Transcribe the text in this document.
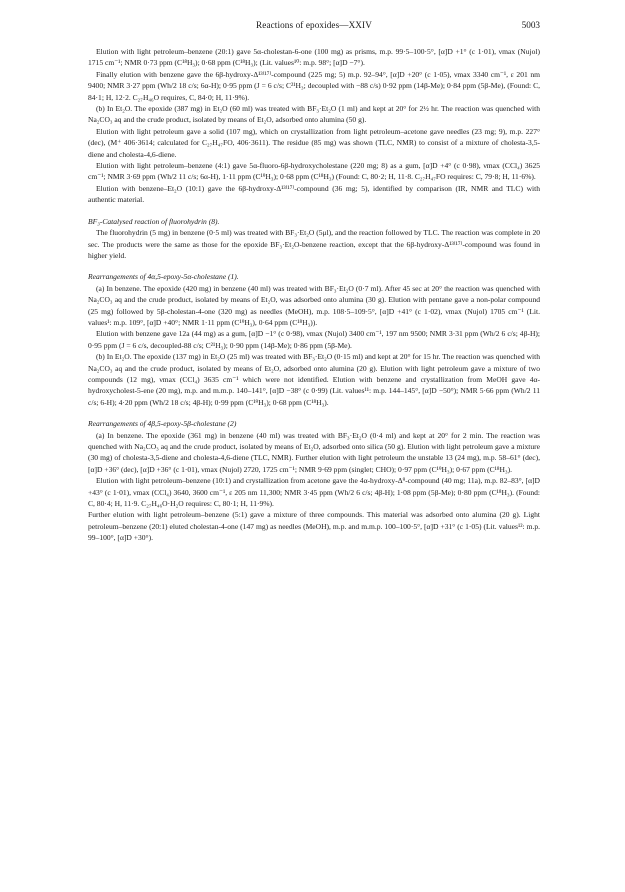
Reactions of epoxides—XXIV	5003

Elution with light petroleum–benzene (20:1) gave 5α-cholestan-6-one (100 mg) as prisms, m.p. 99·5–100·5°, [α]D +1° (c 1·01), νmax (Nujol) 1715 cm⁻¹; NMR 0·73 ppm (C¹⁸H₃); 0·68 ppm (C¹⁸H₃); (Lit. values¹⁰: m.p. 98°; [α]D −7°).

Finally elution with benzene gave the 6β-hydroxy-Δ¹³⁽¹⁷⁾-compound (225 mg; 5) m.p. 92–94°, [α]D +20° (c 1·05), νmax 3340 cm⁻¹, ε 201 nm 9400; NMR 3·27 ppm (Wh/2 18 c/s; 6α-H); 0·95 ppm (J = 6 c/s; C²¹H₃; decoupled with −88 c/s) 0·92 ppm (14β-Me); 0·84 ppm (5β-Me), (Found: C, 84·1; H, 12·2. C₂₇H₄₆O requires, C, 84·0; H, 11·9%).

(b) In Et₂O. The epoxide (387 mg) in Et₂O (60 ml) was treated with BF₃·Et₂O (1 ml) and kept at 20° for 2½ hr. The reaction was quenched with Na₂CO₃ aq and the crude product, isolated by means of Et₂O, adsorbed onto alumina (50 g).

Elution with light petroleum gave a solid (107 mg), which on crystallization from light petroleum–acetone gave needles (23 mg; 9), m.p. 227° (dec), (M⁺ 406·3614; calculated for C₂₇H₄₇FO, 406·3611). The residue (85 mg) was shown (TLC, NMR) to consist of a mixture of cholesta-3,5-diene and cholesta-4,6-diene.

Elution with light petroleum–benzene (4:1) gave 5α-fluoro-6β-hydroxycholestane (220 mg; 8) as a gum, [α]D +4° (c 0·98), νmax (CCl₄) 3625 cm⁻¹; NMR 3·69 ppm (Wh/2 11 c/s; 6α-H), 1·11 ppm (C¹⁹H₃); 0·68 ppm (C¹⁸H₃) (Found: C, 80·2; H, 11·8. C₂₇H₄₇FO requires: C, 79·8; H, 11·6%).

Elution with benzene–Et₂O (10:1) gave the 6β-hydroxy-Δ¹³⁽¹⁷⁾-compound (36 mg; 5), identified by comparison (IR, NMR and TLC) with authentic material.

BF₃-Catalysed reaction of fluorohydrin (8).

The fluorohydrin (5 mg) in benzene (0·5 ml) was treated with BF₃·Et₂O (5μl), and the reaction followed by TLC. The reaction was complete in 20 sec. The products were the same as those for the epoxide BF₃·Et₂O-benzene reaction, except that the 6β-hydroxy-Δ¹³⁽¹⁷⁾-compound was found in higher yield.

Rearrangements of 4α,5-epoxy-5α-cholestane (1).

(a) In benzene. The epoxide (420 mg) in benzene (40 ml) was treated with BF₃·Et₂O (0·7 ml). After 45 sec at 20° the reaction was quenched with Na₂CO₃ aq and the crude product, isolated by means of Et₂O, was adsorbed onto alumina (30 g). Elution with pentane gave a non-polar compound (25 mg) followed by 5β-cholestan-4-one (320 mg) as needles (MeOH), m.p. 108·5–109·5°, [α]D +41° (c 1·02), νmax (Nujol) 1705 cm⁻¹ (Lit. values¹: m.p. 109°, [α]D +40°; NMR 1·11 ppm (C¹⁹H₃), 0·64 ppm (C¹⁸H₃)).

Elution with benzene gave 12a (44 mg) as a gum, [α]D −1° (c 0·98), νmax (Nujol) 3400 cm⁻¹, 197 nm 9500; NMR 3·31 ppm (Wh/2 6 c/s; 4β-H); 0·95 ppm (J = 6 c/s, decoupled-88 c/s; C²¹H₃); 0·90 ppm (14β-Me); 0·86 ppm (5β-Me).

(b) In Et₂O. The epoxide (137 mg) in Et₂O (25 ml) was treated with BF₃·Et₂O (0·15 ml) and kept at 20° for 15 hr. The reaction was quenched with Na₂CO₃ aq and the crude product, isolated by means of Et₂O, adsorbed onto alumina (20 g). Elution with light petroleum gave a mixture of two compounds (12 mg), νmax (CCl₄) 3635 cm⁻¹ which were not identified. Elution with benzene and crystallization from MeOH gave 4α-hydroxycholest-5-ene (20 mg), m.p. and m.m.p. 140–141°, [α]D −38° (c 0·99) (Lit. values¹¹: m.p. 144–145°, [α]D −50°); NMR 5·66 ppm (Wh/2 11 c/s; 6-H); 4·20 ppm (Wh/2 18 c/s; 4β-H); 0·99 ppm (C¹⁹H₃); 0·68 ppm (C¹⁸H₃).

Rearrangements of 4β,5-epoxy-5β-cholestane (2)

(a) In benzene. The epoxide (361 mg) in benzene (40 ml) was treated with BF₃·Et₂O (0·4 ml) and kept at 20° for 2 min. The reaction was quenched with Na₂CO₃ aq and the crude product, isolated by means of Et₂O, adsorbed onto silica (50 g). Elution with light petroleum gave a mixture (30 mg) of cholesta-3,5-diene and cholesta-4,6-diene (TLC, NMR). Further elution with light petroleum the unstable 13 (24 mg), m.p. 58–61° (dec), [α]D +36° (dec), [α]D +36° (c 1·01), νmax (Nujol) 2720, 1725 cm⁻¹; NMR 9·69 ppm (singlet; CHO); 0·97 ppm (C¹⁹H₃); 0·67 ppm (C¹⁸H₃).

Elution with light petroleum–benzene (10:1) and crystallization from acetone gave the 4α-hydroxy-Δ⁹-compound (40 mg; 11a), m.p. 82–83°, [α]D +43° (c 1·01), νmax (CCl₄) 3640, 3600 cm⁻¹, ε 205 nm 11,300; NMR 3·45 ppm (Wh/2 6 c/s; 4β-H); 1·08 ppm (5β-Me); 0·80 ppm (C¹⁸H₃). (Found: C, 80·4; H, 11·9. C₂₇H₄₆O·H₂O requires: C, 80·1; H, 11·9%).

Further elution with light petroleum–benzene (5:1) gave a mixture of three compounds. This material was adsorbed onto alumina (20 g). Light petroleum–benzene (20:1) eluted cholestan-4-one (147 mg) as needles (MeOH), m.p. and m.m.p. 100–100·5°, [α]D +31° (c 1·05) (Lit. values¹²: m.p. 99–100°, [α]D +30°).
